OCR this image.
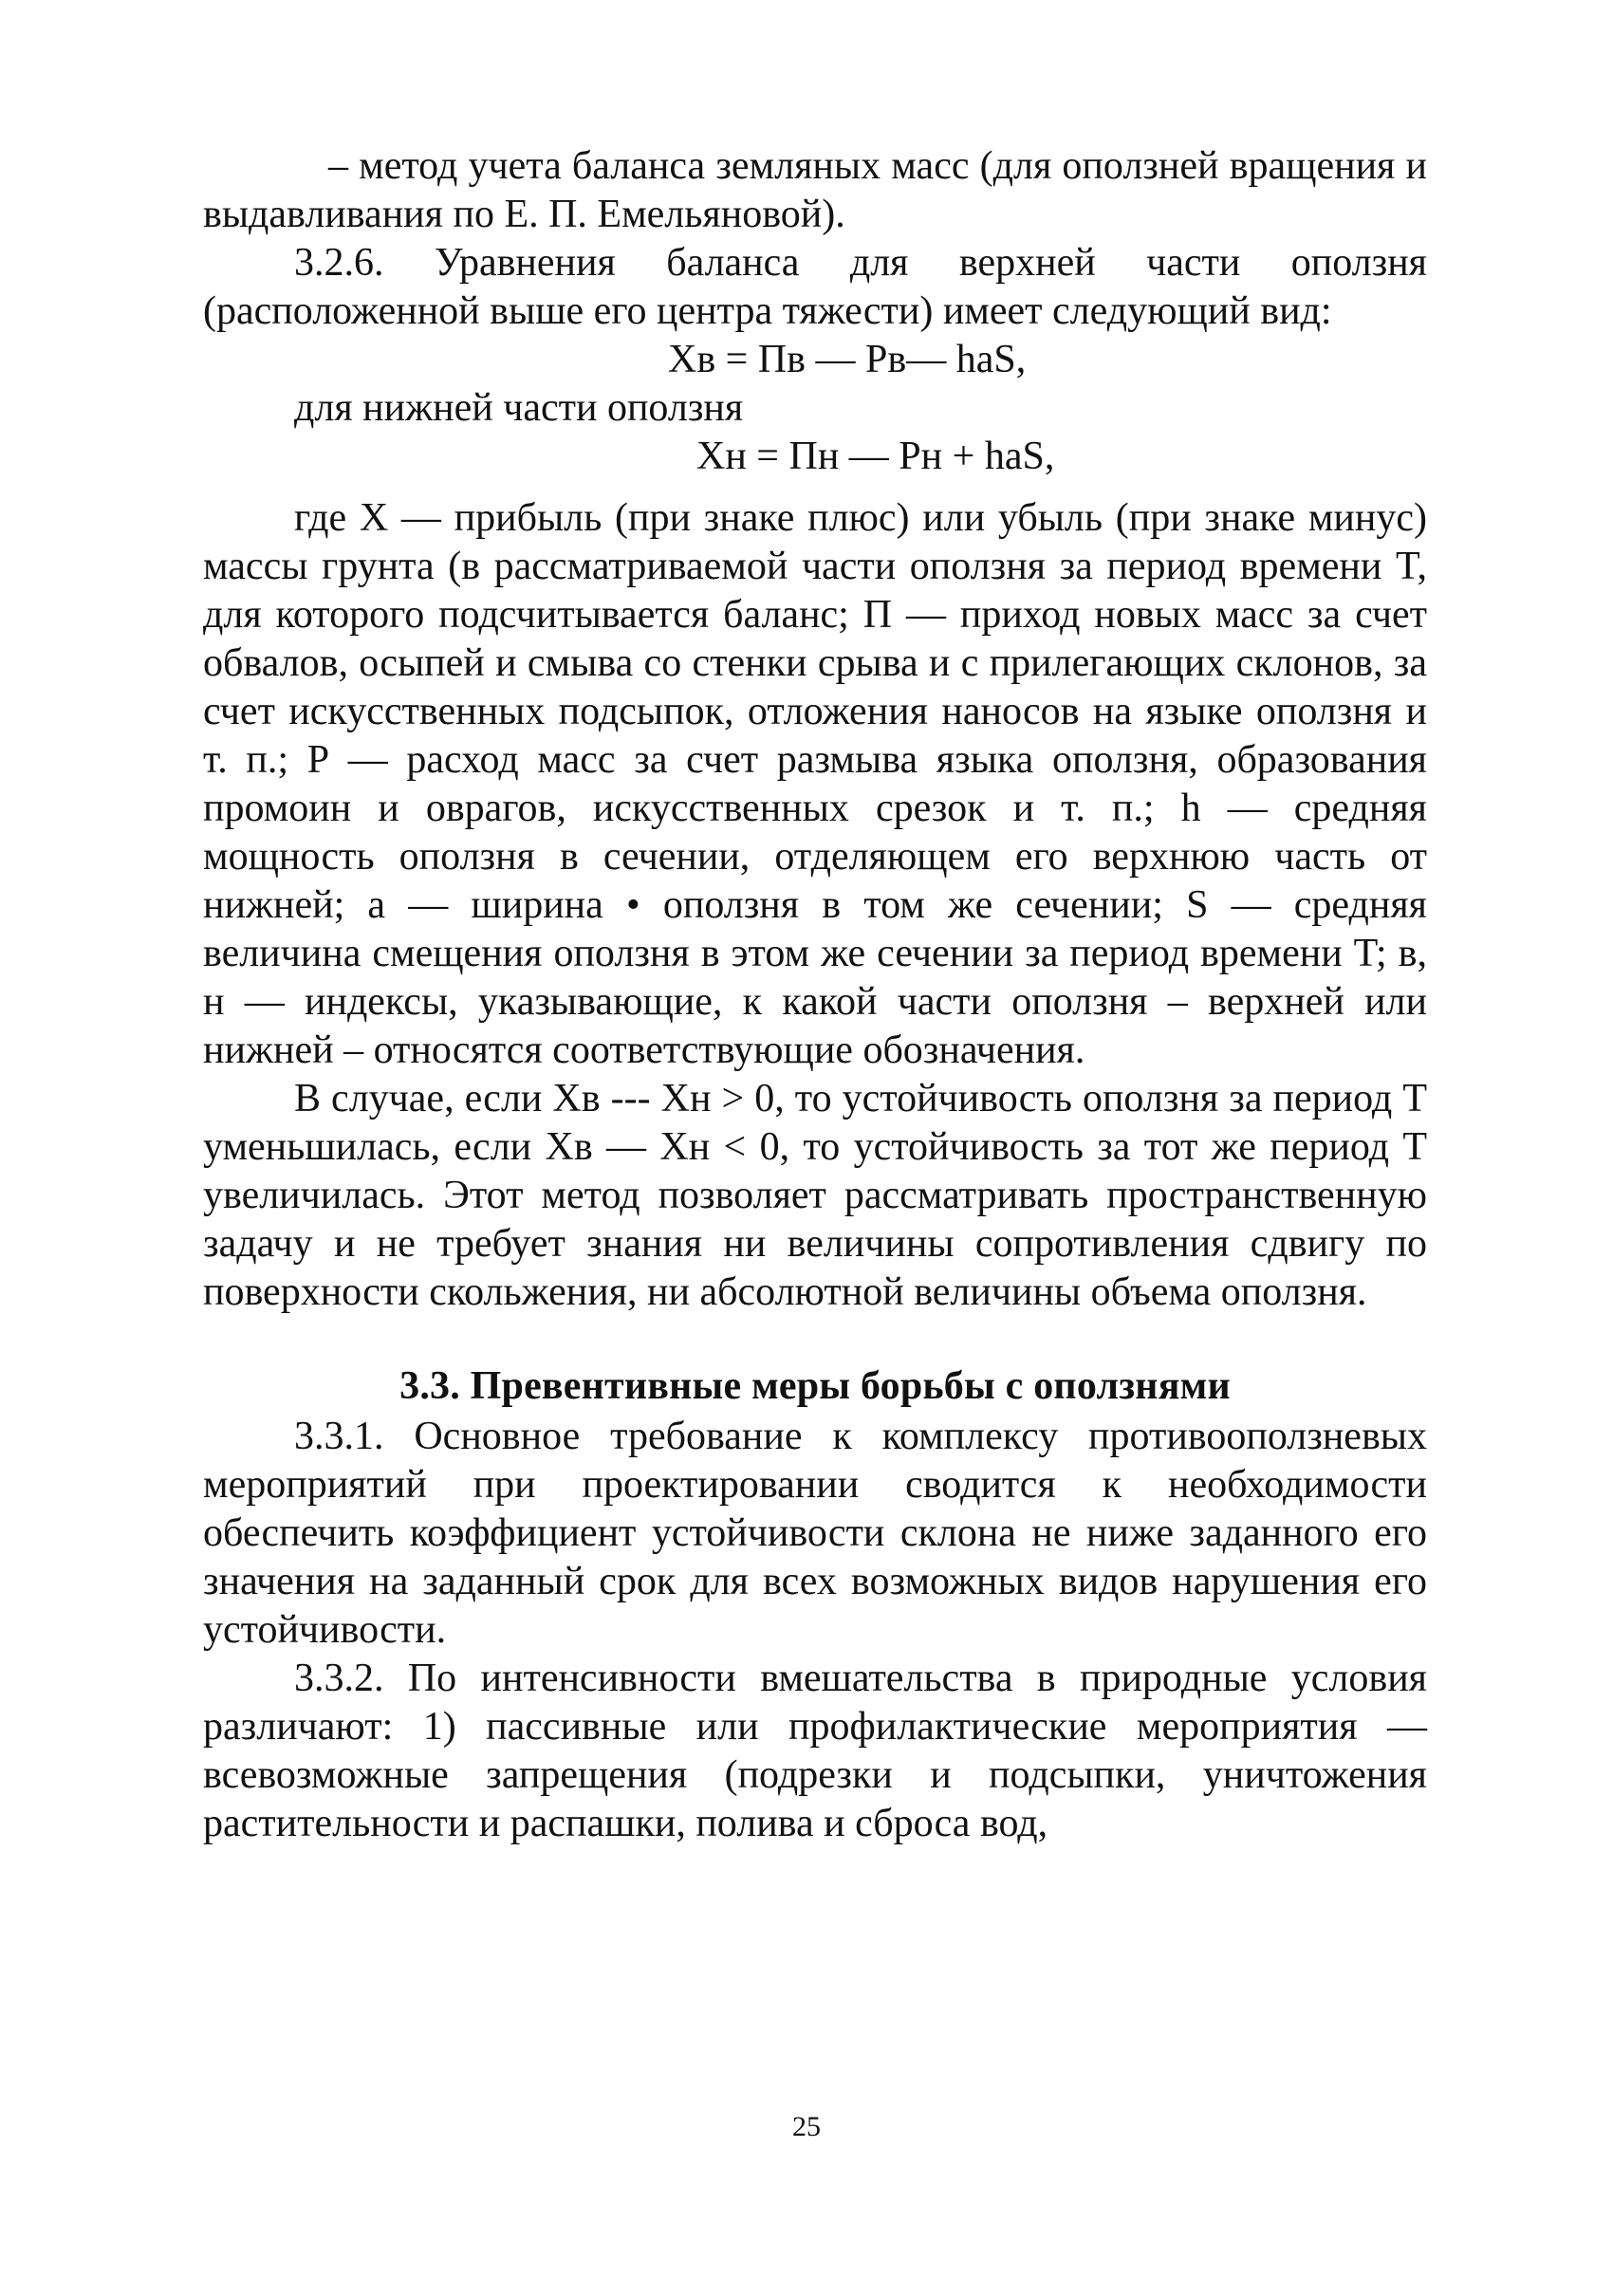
– метод учета баланса земляных масс (для оползней вращения и выдавливания по Е. П. Емельяновой).

3.2.6. Уравнения баланса для верхней части оползня (расположенной выше его центра тяжести) имеет следующий вид:

Xв = Пв — Рв— haS,

для нижней части оползня

Xн = Пн — Рн + haS,

где X — прибыль (при знаке плюс) или убыль (при знаке минус) массы грунта (в рассматриваемой части оползня за период времени T, для которого подсчитывается баланс; П — приход новых масс за счет обвалов, осыпей и смыва со стенки срыва и с прилегающих склонов, за счет искусственных подсыпок, отложения наносов на языке оползня и т. п.; Р — расход масс за счет размыва языка оползня, образования промоин и оврагов, искусственных срезок и т. п.; h — средняя мощность оползня в сечении, отделяющем его верхнюю часть от нижней; a — ширина • оползня в том же сечении; S — средняя величина смещения оползня в этом же сечении за период времени T; в, н — индексы, указывающие, к какой части оползня – верхней или нижней – относятся соответствующие обозначения.

В случае, если Xв --- Xн > 0, то устойчивость оползня за период T уменьшилась, если Xв — Xн < 0, то устойчивость за тот же период T увеличилась. Этот метод позволяет рассматривать пространственную задачу и не требует знания ни величины сопротивления сдвигу по поверхности скольжения, ни абсолютной величины объема оползня.

3.3. Превентивные меры борьбы с оползнями

3.3.1. Основное требование к комплексу противооползневых мероприятий при проектировании сводится к необходимости обеспечить коэффициент устойчивости склона не ниже заданного его значения на заданный срок для всех возможных видов нарушения его устойчивости.

3.3.2. По интенсивности вмешательства в природные условия различают: 1) пассивные или профилактические мероприятия — всевозможные запрещения (подрезки и подсыпки, уничтожения растительности и распашки, полива и сброса вод,

25
